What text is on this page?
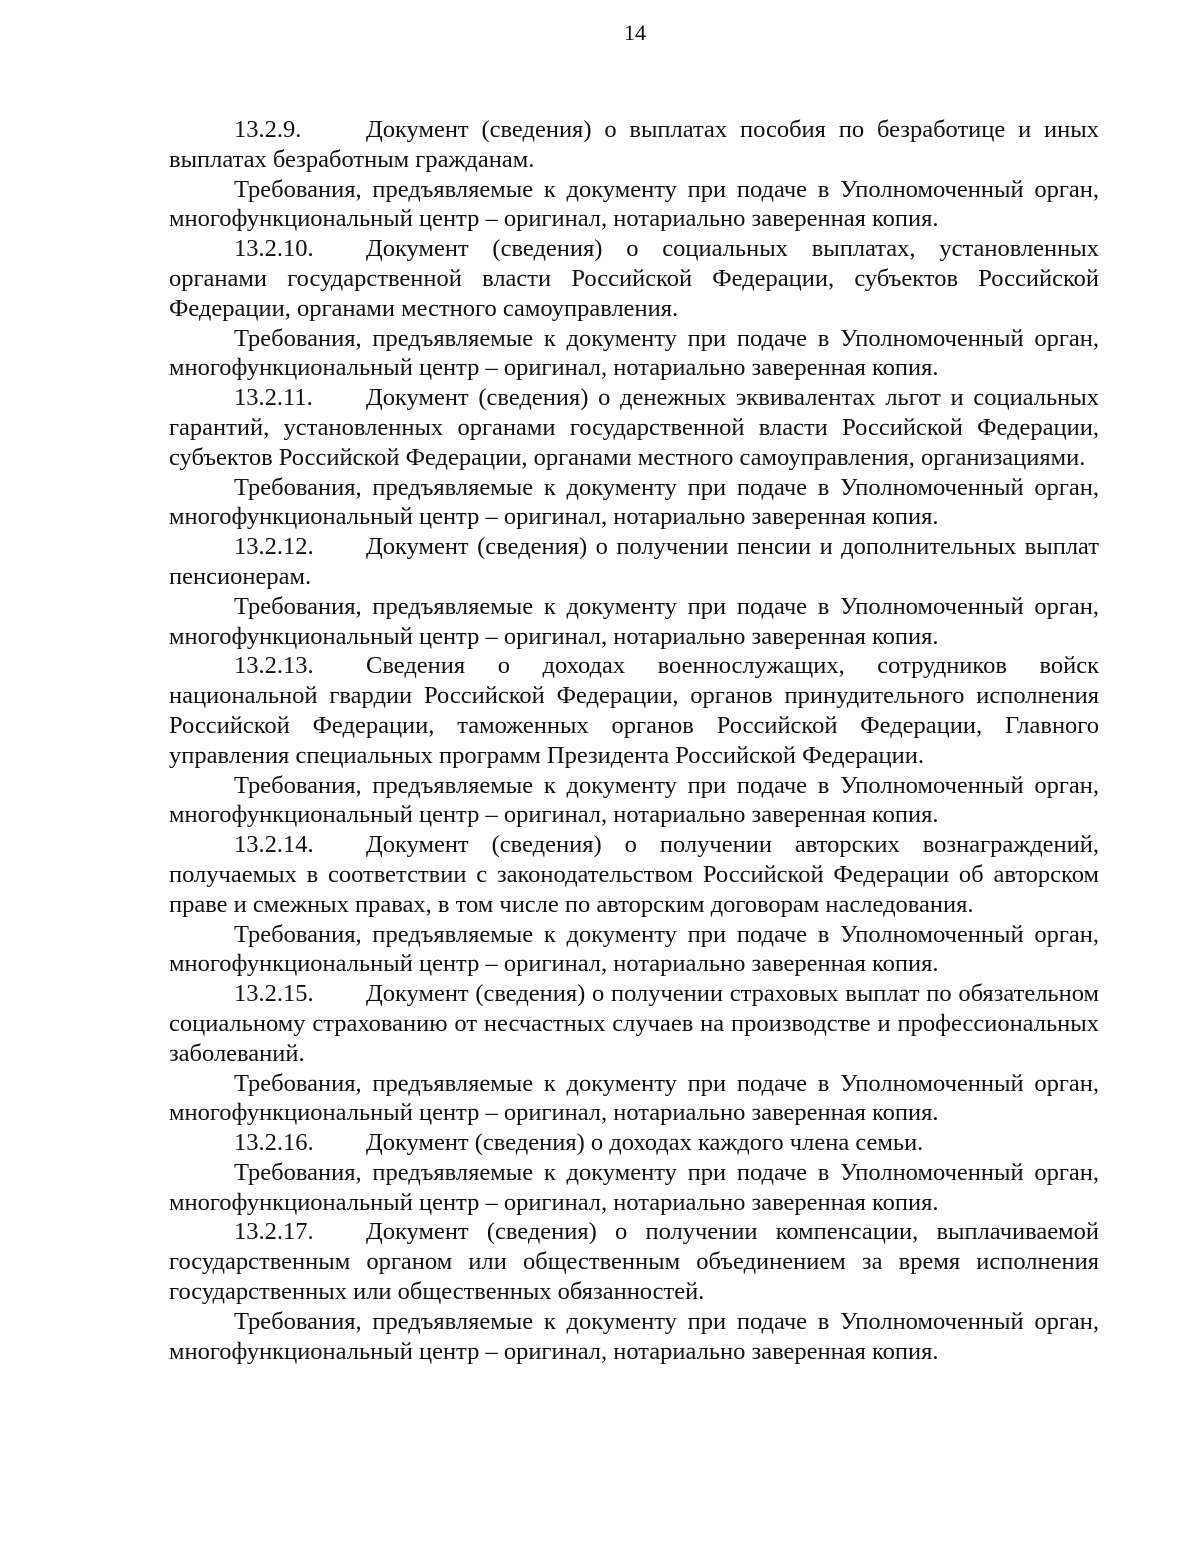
14

13.2.9.	Документ (сведения) о выплатах пособия по безработице и иных выплатах безработным гражданам.

Требования, предъявляемые к документу при подаче в Уполномоченный орган, многофункциональный центр – оригинал, нотариально заверенная копия.

13.2.10. Документ (сведения) о социальных выплатах, установленных органами государственной власти Российской Федерации, субъектов Российской Федерации, органами местного самоуправления.

Требования, предъявляемые к документу при подаче в Уполномоченный орган, многофункциональный центр – оригинал, нотариально заверенная копия.

13.2.11. Документ (сведения) о денежных эквивалентах льгот и социальных гарантий, установленных органами государственной власти Российской Федерации, субъектов Российской Федерации, органами местного самоуправления, организациями.

Требования, предъявляемые к документу при подаче в Уполномоченный орган, многофункциональный центр – оригинал, нотариально заверенная копия.

13.2.12. Документ (сведения) о получении пенсии и дополнительных выплат пенсионерам.

Требования, предъявляемые к документу при подаче в Уполномоченный орган, многофункциональный центр – оригинал, нотариально заверенная копия.

13.2.13. Сведения о доходах военнослужащих, сотрудников войск национальной гвардии Российской Федерации, органов принудительного исполнения Российской Федерации, таможенных органов Российской Федерации, Главного управления специальных программ Президента Российской Федерации.

Требования, предъявляемые к документу при подаче в Уполномоченный орган, многофункциональный центр – оригинал, нотариально заверенная копия.

13.2.14. Документ (сведения) о получении авторских вознаграждений, получаемых в соответствии с законодательством Российской Федерации об авторском праве и смежных правах, в том числе по авторским договорам наследования.

Требования, предъявляемые к документу при подаче в Уполномоченный орган, многофункциональный центр – оригинал, нотариально заверенная копия.

13.2.15. Документ (сведения) о получении страховых выплат по обязательном социальному страхованию от несчастных случаев на производстве и профессиональных заболеваний.

Требования, предъявляемые к документу при подаче в Уполномоченный орган, многофункциональный центр – оригинал, нотариально заверенная копия.

13.2.16. Документ (сведения) о доходах каждого члена семьи.

Требования, предъявляемые к документу при подаче в Уполномоченный орган, многофункциональный центр – оригинал, нотариально заверенная копия.

13.2.17. Документ (сведения) о получении компенсации, выплачиваемой государственным органом или общественным объединением за время исполнения государственных или общественных обязанностей.

Требования, предъявляемые к документу при подаче в Уполномоченный орган, многофункциональный центр – оригинал, нотариально заверенная копия.
